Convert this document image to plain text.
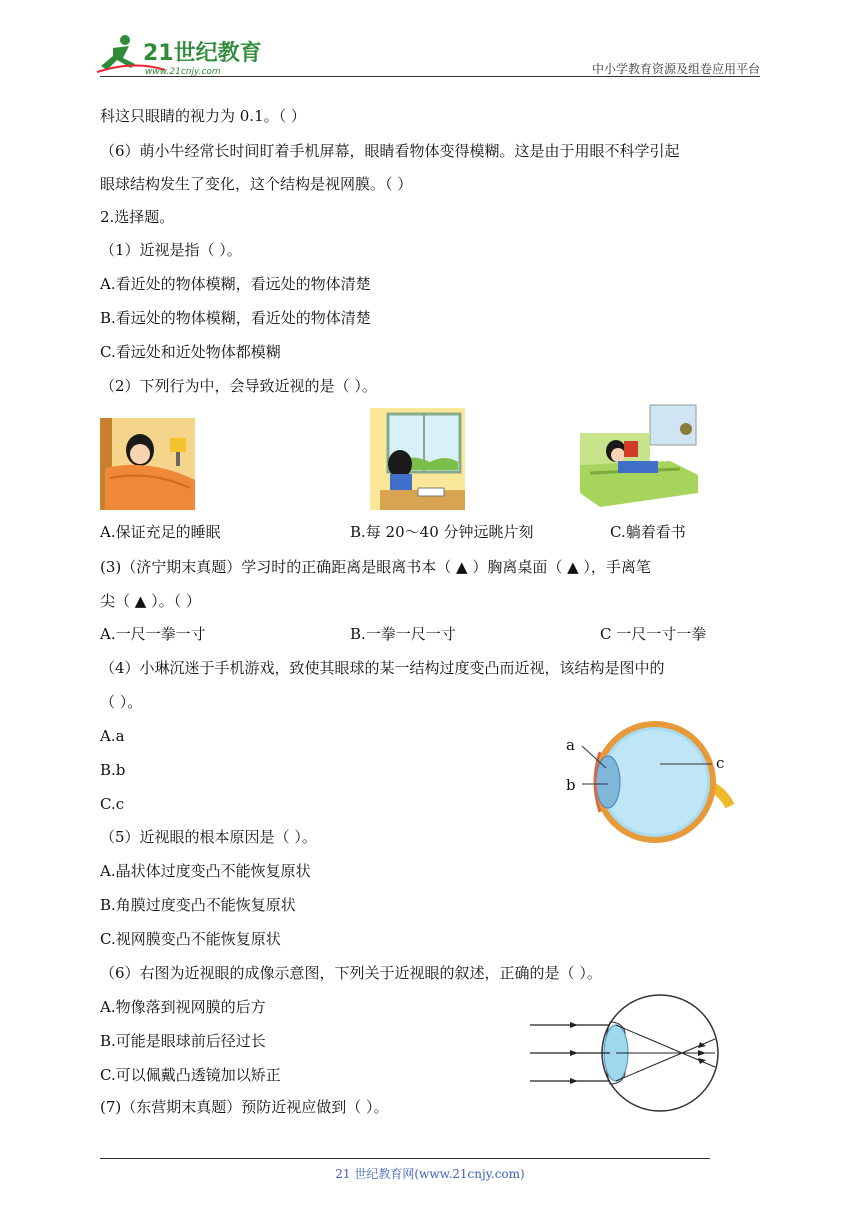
21世纪教育
www.21cnjy.com	中小学教育资源及组卷应用平台
科这只眼睛的视力为 0.1。（ ）
（6）萌小牛经常长时间盯着手机屏幕，眼睛看物体变得模糊。这是由于用眼不科学引起
眼球结构发生了变化，这个结构是视网膜。（ ）
2.选择题。
（1）近视是指（ ）。
A.看近处的物体模糊，看远处的物体清楚
B.看远处的物体模糊，看近处的物体清楚
C.看远处和近处物体都模糊
（2）下列行为中，会导致近视的是（ ）。
A.保证充足的睡眠	B.每 20～40 分钟远眺片刻	C.躺着看书
(3)（济宁期末真题）学习时的正确距离是眼离书本（ ▲ ）胸离桌面（ ▲ ），手离笔
尖（ ▲ ）。（ ）
A.一尺一拳一寸	B.一拳一尺一寸	C 一尺一寸一拳
（4）小琳沉迷于手机游戏，致使其眼球的某一结构过度变凸而近视，该结构是图中的
（ ）。
A.a
B.b
C.c
a
b
c
（5）近视眼的根本原因是（ ）。
A.晶状体过度变凸不能恢复原状
B.角膜过度变凸不能恢复原状
C.视网膜变凸不能恢复原状
（6）右图为近视眼的成像示意图，下列关于近视眼的叙述，正确的是（ ）。
A.物像落到视网膜的后方
B.可能是眼球前后径过长
C.可以佩戴凸透镜加以矫正
(7)（东营期末真题）预防近视应做到（ ）。
21 世纪教育网(www.21cnjy.com)
